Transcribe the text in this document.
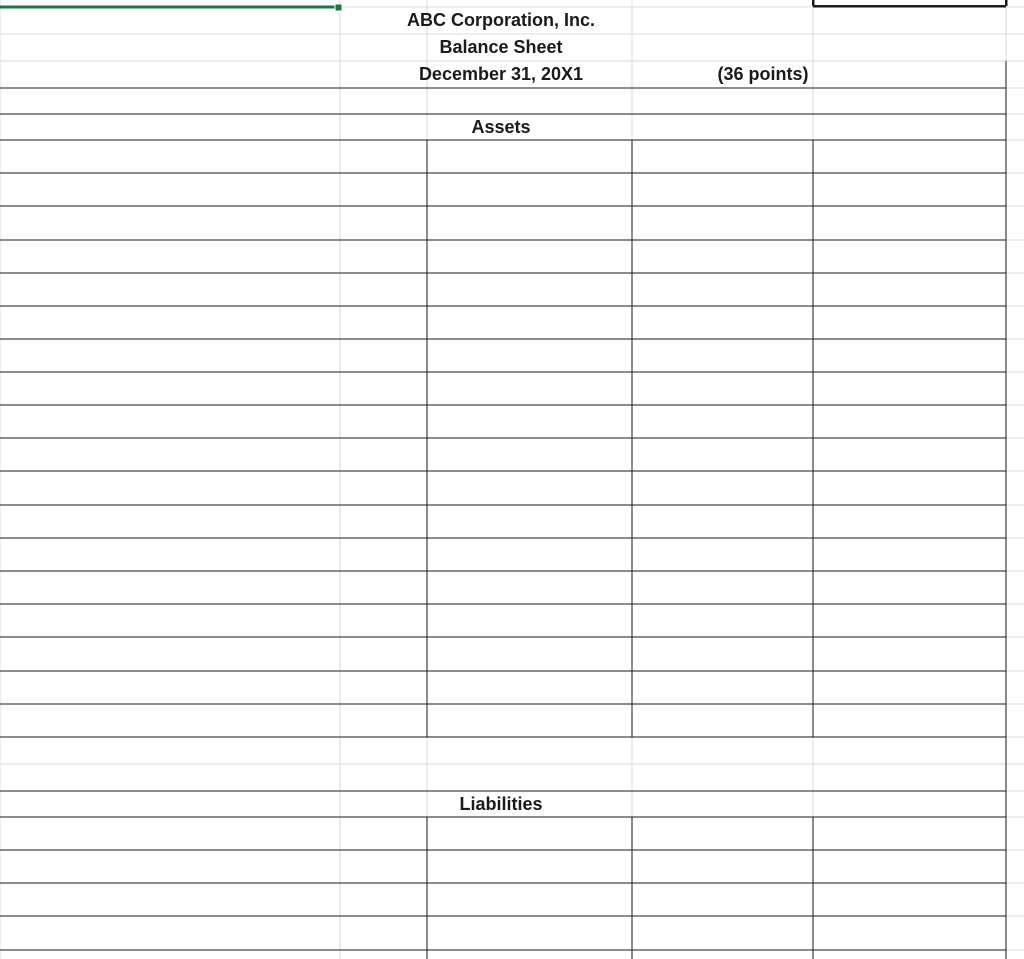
ABC Corporation, Inc.
Balance Sheet
December 31, 20X1	(36 points)
Assets
Liabilities
